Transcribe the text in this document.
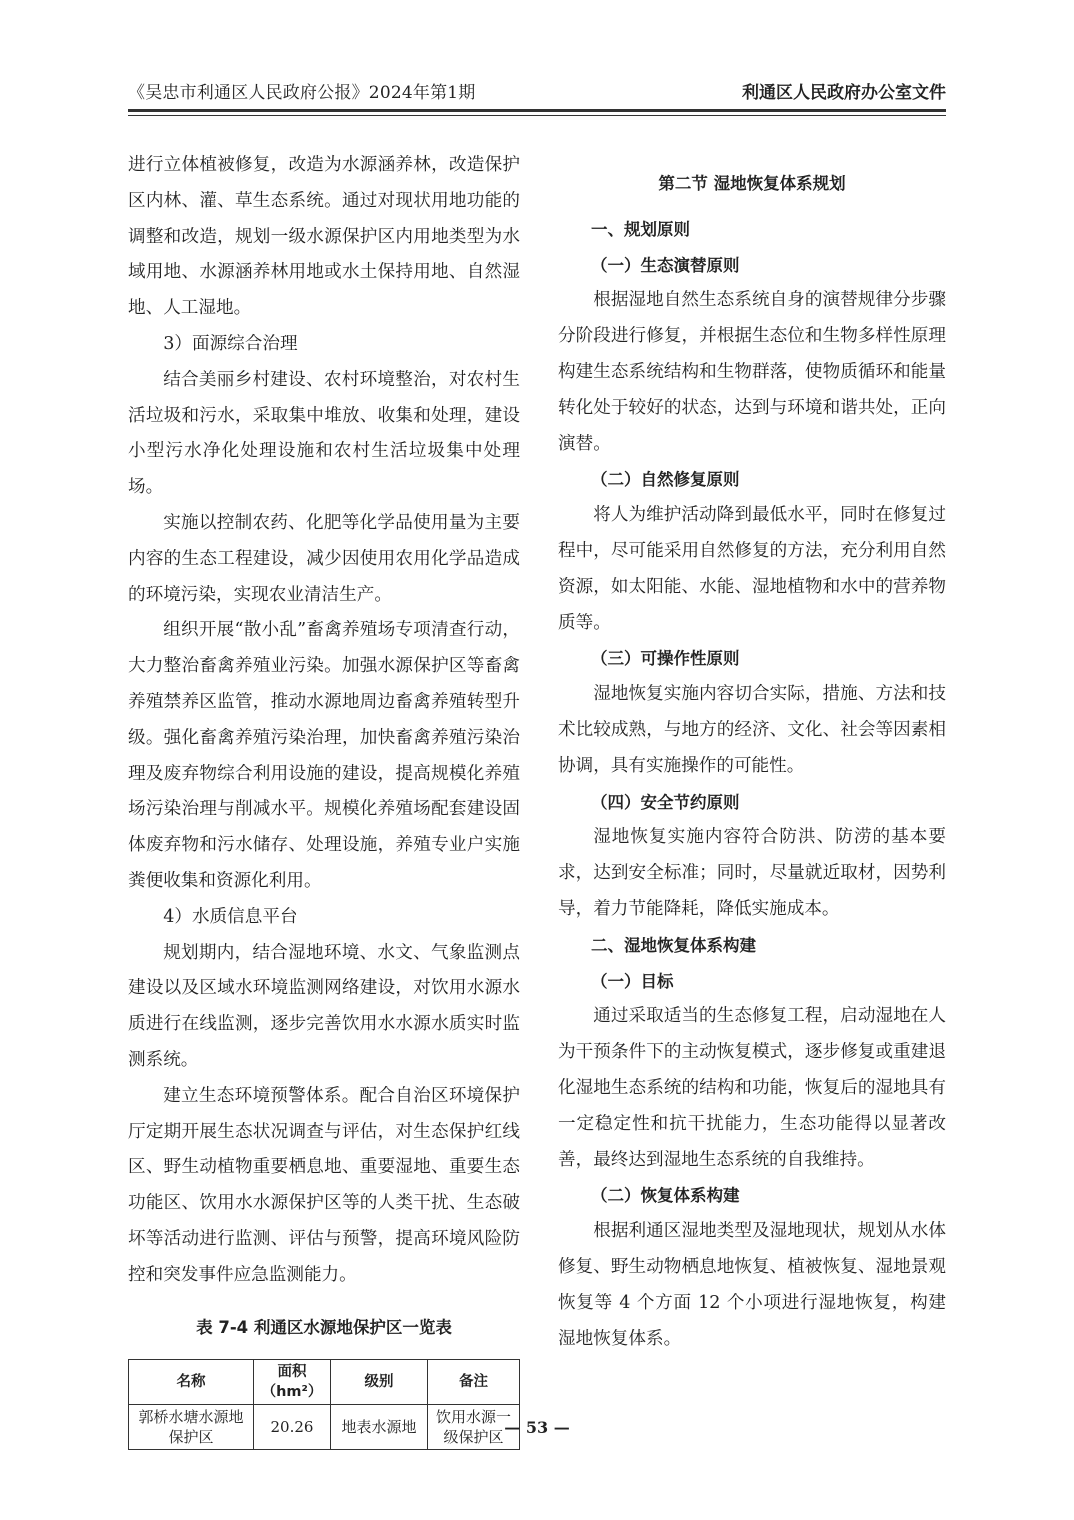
《吴忠市利通区人民政府公报》2024年第1期	利通区人民政府办公室文件

进行立体植被修复，改造为水源涵养林，改造保护区内林、灌、草生态系统。通过对现状用地功能的调整和改造，规划一级水源保护区内用地类型为水域用地、水源涵养林用地或水土保持用地、自然湿地、人工湿地。

3）面源综合治理

结合美丽乡村建设、农村环境整治，对农村生活垃圾和污水，采取集中堆放、收集和处理，建设小型污水净化处理设施和农村生活垃圾集中处理场。

实施以控制农药、化肥等化学品使用量为主要内容的生态工程建设，减少因使用农用化学品造成的环境污染，实现农业清洁生产。

组织开展“散小乱”畜禽养殖场专项清查行动，大力整治畜禽养殖业污染。加强水源保护区等畜禽养殖禁养区监管，推动水源地周边畜禽养殖转型升级。强化畜禽养殖污染治理，加快畜禽养殖污染治理及废弃物综合利用设施的建设，提高规模化养殖场污染治理与削减水平。规模化养殖场配套建设固体废弃物和污水储存、处理设施，养殖专业户实施粪便收集和资源化利用。

4）水质信息平台

规划期内，结合湿地环境、水文、气象监测点建设以及区域水环境监测网络建设，对饮用水源水质进行在线监测，逐步完善饮用水水源水质实时监测系统。

建立生态环境预警体系。配合自治区环境保护厅定期开展生态状况调查与评估，对生态保护红线区、野生动植物重要栖息地、重要湿地、重要生态功能区、饮用水水源保护区等的人类干扰、生态破坏等活动进行监测、评估与预警，提高环境风险防控和突发事件应急监测能力。

表 7-4 利通区水源地保护区一览表
名称	面积（hm²）	级别	备注
郭桥水塘水源地保护区	20.26	地表水源地	饮用水源一级保护区
第二节 湿地恢复体系规划

一、规划原则

（一）生态演替原则

根据湿地自然生态系统自身的演替规律分步骤分阶段进行修复，并根据生态位和生物多样性原理构建生态系统结构和生物群落，使物质循环和能量转化处于较好的状态，达到与环境和谐共处，正向演替。

（二）自然修复原则

将人为维护活动降到最低水平，同时在修复过程中，尽可能采用自然修复的方法，充分利用自然资源，如太阳能、水能、湿地植物和水中的营养物质等。

（三）可操作性原则

湿地恢复实施内容切合实际，措施、方法和技术比较成熟，与地方的经济、文化、社会等因素相协调，具有实施操作的可能性。

（四）安全节约原则

湿地恢复实施内容符合防洪、防涝的基本要求，达到安全标准；同时，尽量就近取材，因势利导，着力节能降耗，降低实施成本。

二、湿地恢复体系构建

（一）目标

通过采取适当的生态修复工程，启动湿地在人为干预条件下的主动恢复模式，逐步修复或重建退化湿地生态系统的结构和功能，恢复后的湿地具有一定稳定性和抗干扰能力，生态功能得以显著改善，最终达到湿地生态系统的自我维持。

（二）恢复体系构建

根据利通区湿地类型及湿地现状，规划从水体修复、野生动物栖息地恢复、植被恢复、湿地景观恢复等 4 个方面 12 个小项进行湿地恢复，构建湿地恢复体系。

— 53 —
